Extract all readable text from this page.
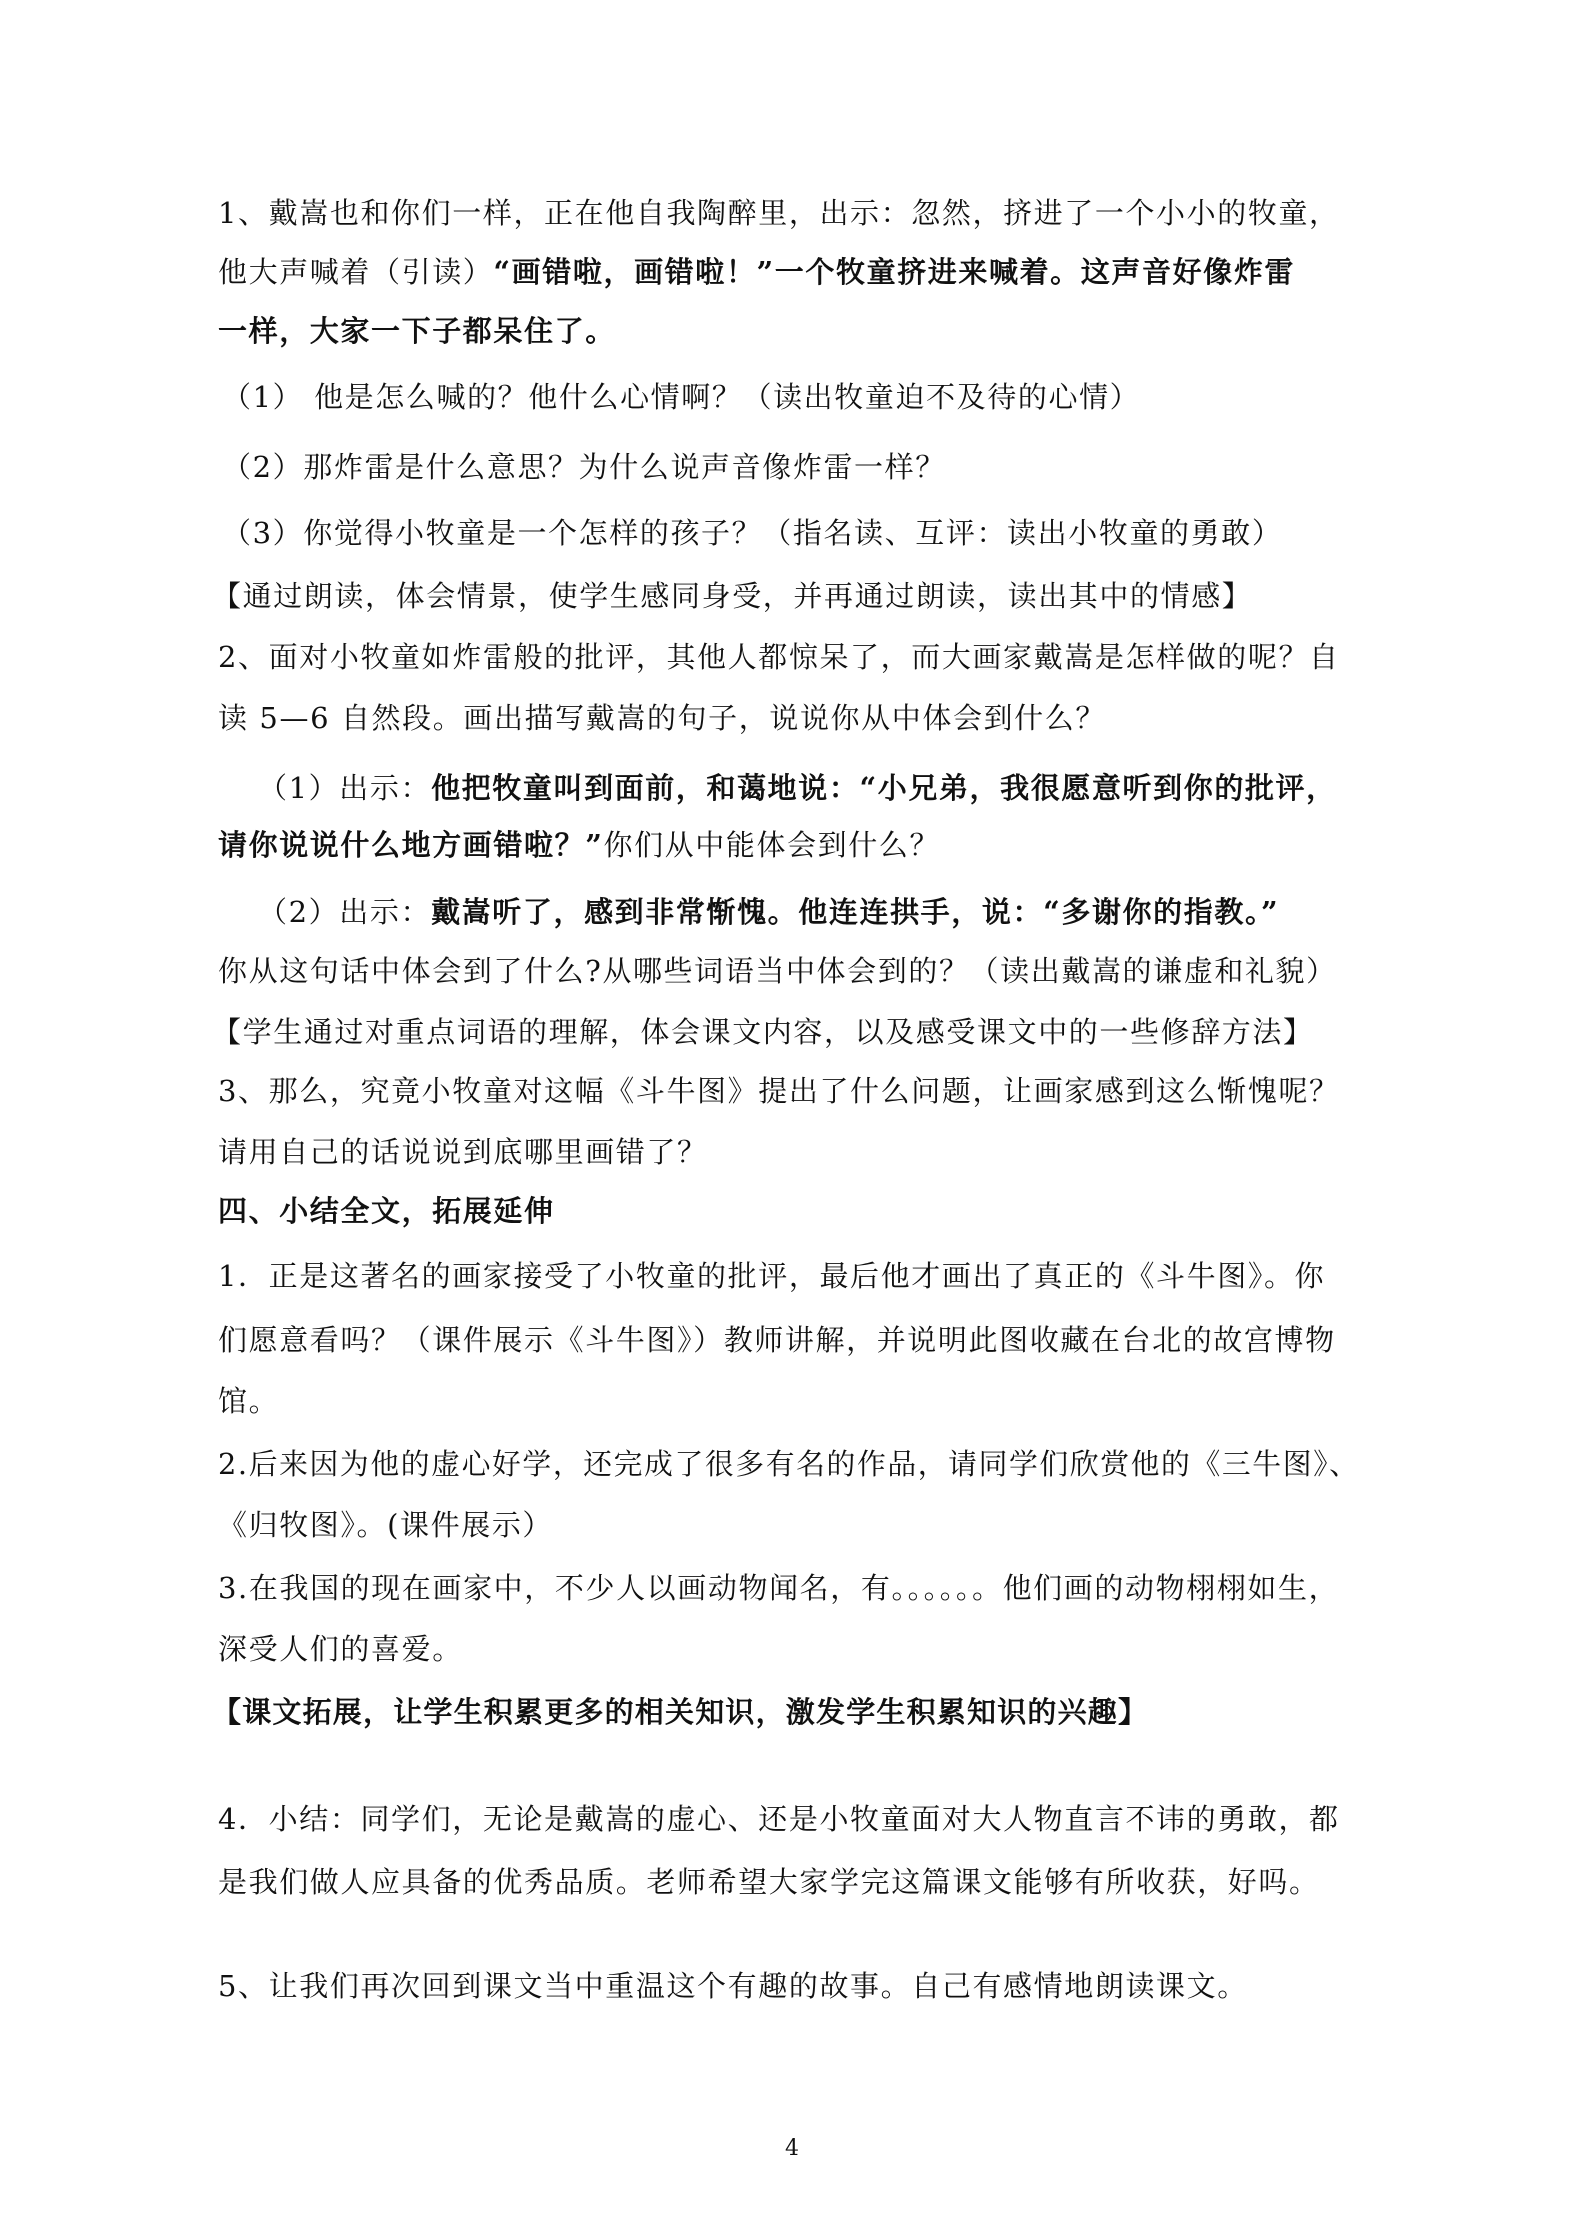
1、戴嵩也和你们一样，正在他自我陶醉里，出示：忽然，挤进了一个小小的牧童，
他大声喊着（引读）“画错啦，画错啦！”一个牧童挤进来喊着。这声音好像炸雷
一样，大家一下子都呆住了。
（1） 他是怎么喊的？他什么心情啊？（读出牧童迫不及待的心情）
（2）那炸雷是什么意思？为什么说声音像炸雷一样？
（3）你觉得小牧童是一个怎样的孩子？（指名读、互评：读出小牧童的勇敢）
【通过朗读，体会情景，使学生感同身受，并再通过朗读，读出其中的情感】
2、面对小牧童如炸雷般的批评，其他人都惊呆了，而大画家戴嵩是怎样做的呢？自
读 5—6 自然段。画出描写戴嵩的句子，说说你从中体会到什么？
（1）出示：他把牧童叫到面前，和蔼地说：“小兄弟，我很愿意听到你的批评，
请你说说什么地方画错啦？”你们从中能体会到什么？
（2）出示：戴嵩听了，感到非常惭愧。他连连拱手，说：“多谢你的指教。”
你从这句话中体会到了什么?从哪些词语当中体会到的？（读出戴嵩的谦虚和礼貌）
【学生通过对重点词语的理解，体会课文内容，以及感受课文中的一些修辞方法】
3、那么，究竟小牧童对这幅《斗牛图》提出了什么问题，让画家感到这么惭愧呢？
请用自己的话说说到底哪里画错了？
四、小结全文，拓展延伸
1．正是这著名的画家接受了小牧童的批评，最后他才画出了真正的《斗牛图》。你
们愿意看吗？（课件展示《斗牛图》）教师讲解，并说明此图收藏在台北的故宫博物
馆。
2.后来因为他的虚心好学，还完成了很多有名的作品，请同学们欣赏他的《三牛图》、
《归牧图》。(课件展示）
3.在我国的现在画家中，不少人以画动物闻名，有。。。。。。他们画的动物栩栩如生，
深受人们的喜爱。
【课文拓展，让学生积累更多的相关知识，激发学生积累知识的兴趣】
4．小结：同学们，无论是戴嵩的虚心、还是小牧童面对大人物直言不讳的勇敢，都
是我们做人应具备的优秀品质。老师希望大家学完这篇课文能够有所收获，好吗。
5、让我们再次回到课文当中重温这个有趣的故事。自己有感情地朗读课文。
4
